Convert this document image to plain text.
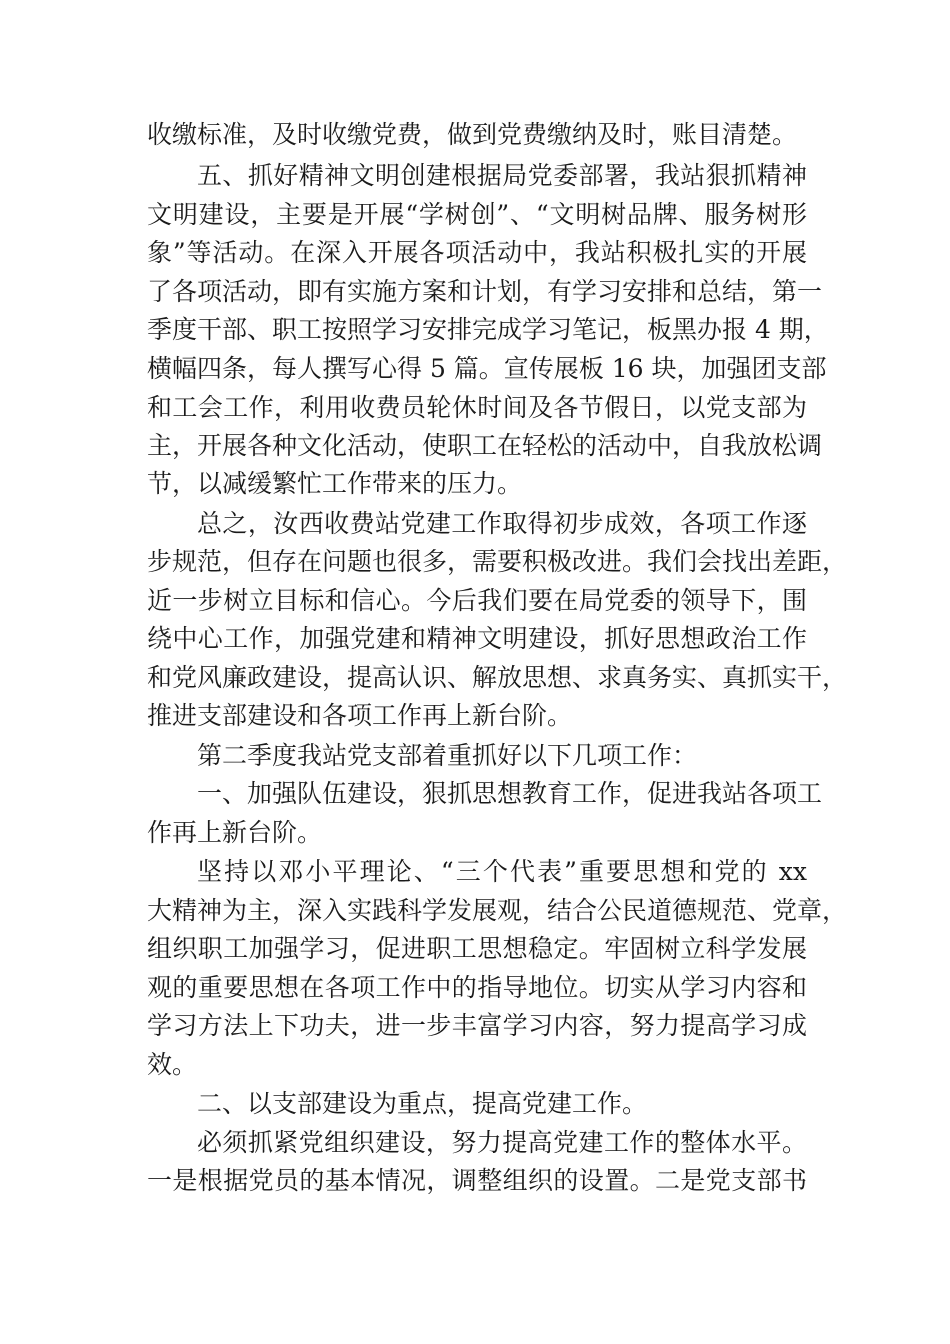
收缴标准，及时收缴党费，做到党费缴纳及时，账目清楚。
五、抓好精神文明创建根据局党委部署，我站狠抓精神
文明建设，主要是开展“学树创”、“文明树品牌、服务树形
象”等活动。在深入开展各项活动中，我站积极扎实的开展
了各项活动，即有实施方案和计划，有学习安排和总结，第一
季度干部、职工按照学习安排完成学习笔记，板黑办报 4 期，
横幅四条，每人撰写心得 5 篇。宣传展板 16 块，加强团支部
和工会工作，利用收费员轮休时间及各节假日，以党支部为
主，开展各种文化活动，使职工在轻松的活动中，自我放松调
节，以减缓繁忙工作带来的压力。
总之，汝西收费站党建工作取得初步成效，各项工作逐
步规范，但存在问题也很多，需要积极改进。我们会找出差距，
近一步树立目标和信心。今后我们要在局党委的领导下，围
绕中心工作，加强党建和精神文明建设，抓好思想政治工作
和党风廉政建设，提高认识、解放思想、求真务实、真抓实干，
推进支部建设和各项工作再上新台阶。
第二季度我站党支部着重抓好以下几项工作：
一、加强队伍建设，狠抓思想教育工作，促进我站各项工
作再上新台阶。
坚持以邓小平理论、“三个代表”重要思想和党的 xx
大精神为主，深入实践科学发展观，结合公民道德规范、党章，
组织职工加强学习，促进职工思想稳定。牢固树立科学发展
观的重要思想在各项工作中的指导地位。切实从学习内容和
学习方法上下功夫，进一步丰富学习内容，努力提高学习成
效。
二、以支部建设为重点，提高党建工作。
必须抓紧党组织建设，努力提高党建工作的整体水平。
一是根据党员的基本情况，调整组织的设置。二是党支部书
